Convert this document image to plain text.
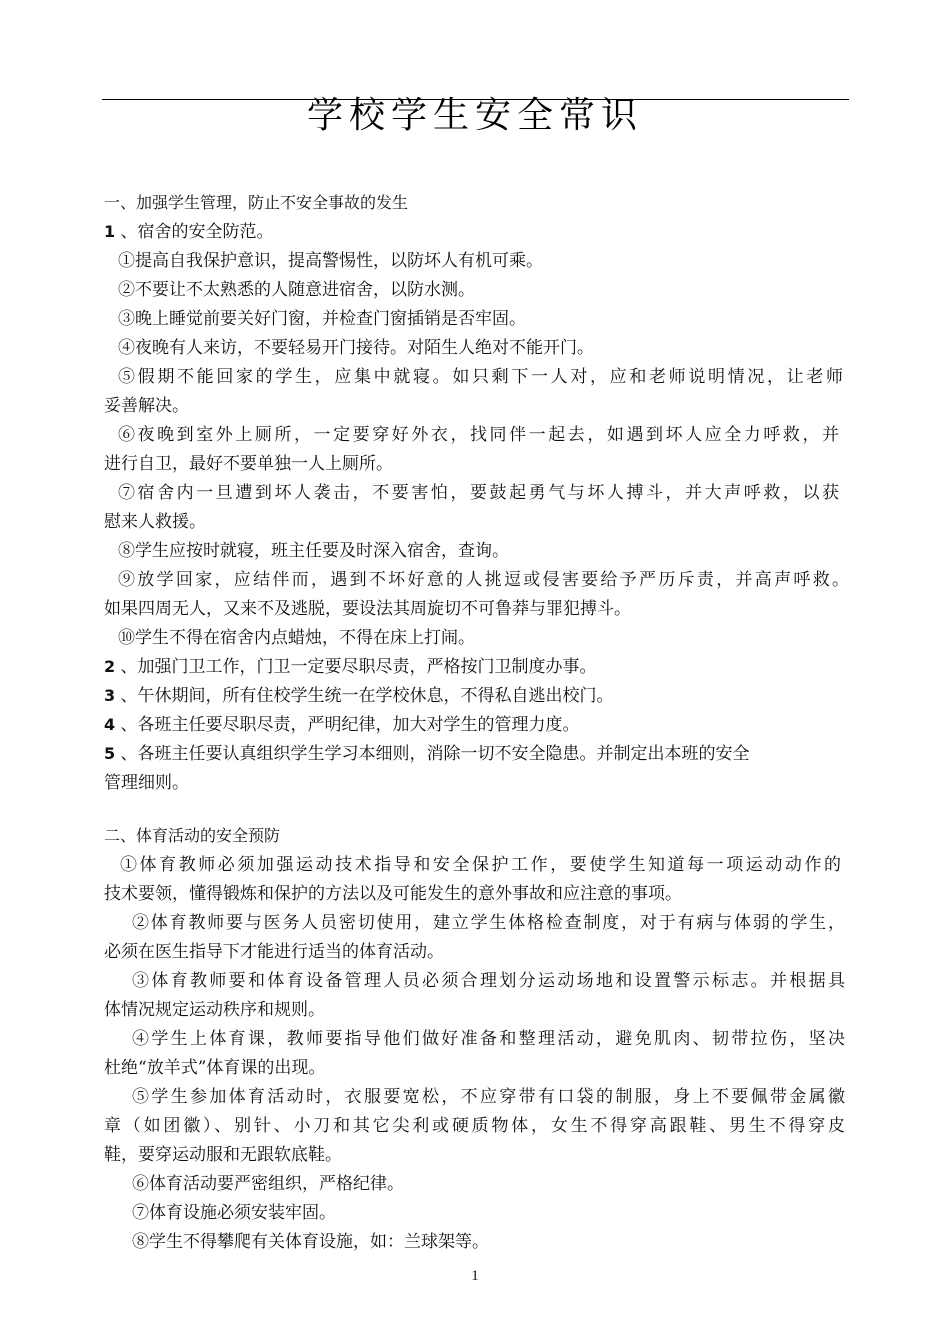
学校学生安全常识
一、加强学生管理，防止不安全事故的发生
1 、宿舍的安全防范。
①提高自我保护意识，提高警惕性，以防坏人有机可乘。
②不要让不太熟悉的人随意进宿舍，以防水测。
③晚上睡觉前要关好门窗，并检查门窗插销是否牢固。
④夜晚有人来访，不要轻易开门接待。对陌生人绝对不能开门。
⑤假期不能回家的学生，应集中就寝。如只剩下一人对，应和老师说明情况，让老师
妥善解决。
⑥夜晚到室外上厕所，一定要穿好外衣，找同伴一起去，如遇到坏人应全力呼救，并
进行自卫，最好不要单独一人上厕所。
⑦宿舍内一旦遭到坏人袭击，不要害怕，要鼓起勇气与坏人搏斗，并大声呼救，以获
慰来人救援。
⑧学生应按时就寝，班主任要及时深入宿舍，查询。
⑨放学回家，应结伴而，遇到不坏好意的人挑逗或侵害要给予严历斥责，并高声呼救。
如果四周无人，又来不及逃脱，要设法其周旋切不可鲁莽与罪犯搏斗。
⑩学生不得在宿舍内点蜡烛，不得在床上打闹。
2 、加强门卫工作，门卫一定要尽职尽责，严格按门卫制度办事。
3 、午休期间，所有住校学生统一在学校休息，不得私自逃出校门。
4 、各班主任要尽职尽责，严明纪律，加大对学生的管理力度。
5 、各班主任要认真组织学生学习本细则，消除一切不安全隐患。并制定出本班的安全
管理细则。
二、体育活动的安全预防
①体育教师必须加强运动技术指导和安全保护工作，要使学生知道每一项运动动作的
技术要领，懂得锻炼和保护的方法以及可能发生的意外事故和应注意的事项。
②体育教师要与医务人员密切使用，建立学生体格检查制度，对于有病与体弱的学生，
必须在医生指导下才能进行适当的体育活动。
③体育教师要和体育设备管理人员必须合理划分运动场地和设置警示标志。并根据具
体情况规定运动秩序和规则。
④学生上体育课，教师要指导他们做好准备和整理活动，避免肌肉、韧带拉伤，坚决
杜绝“放羊式”体育课的出现。
⑤学生参加体育活动时，衣服要宽松，不应穿带有口袋的制服，身上不要佩带金属徽
章（如团徽）、别针、小刀和其它尖利或硬质物体，女生不得穿高跟鞋、男生不得穿皮
鞋，要穿运动服和无跟软底鞋。
⑥体育活动要严密组织，严格纪律。
⑦体育设施必须安装牢固。
⑧学生不得攀爬有关体育设施，如：兰球架等。
1
